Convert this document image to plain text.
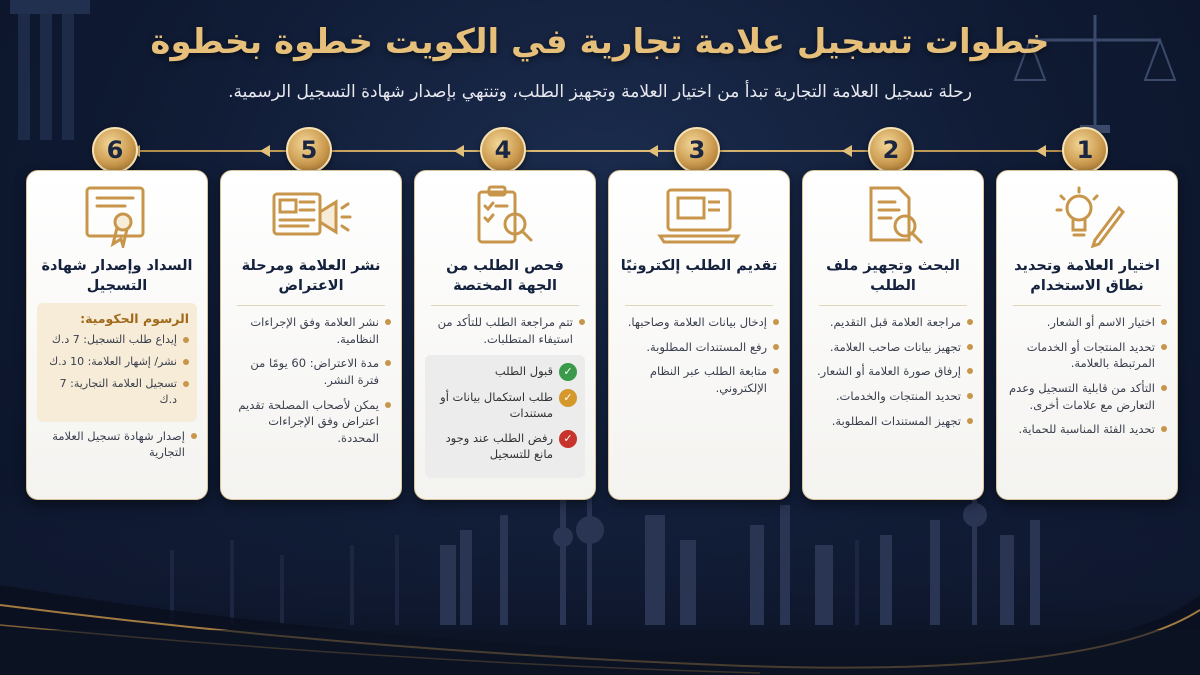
خطوات تسجيل علامة تجارية في الكويت خطوة بخطوة
رحلة تسجيل العلامة التجارية تبدأ من اختيار العلامة وتجهيز الطلب، وتنتهي بإصدار شهادة التسجيل الرسمية.
1
2
3
4
5
6
اختيار العلامة وتحديد نطاق الاستخدام
اختيار الاسم أو الشعار.
تحديد المنتجات أو الخدمات المرتبطة بالعلامة.
التأكد من قابلية التسجيل وعدم التعارض مع علامات أخرى.
تحديد الفئة المناسبة للحماية.
البحث وتجهيز ملف الطلب
مراجعة العلامة قبل التقديم.
تجهيز بيانات صاحب العلامة.
إرفاق صورة العلامة أو الشعار.
تحديد المنتجات والخدمات.
تجهيز المستندات المطلوبة.
تقديم الطلب إلكترونيًا
إدخال بيانات العلامة وصاحبها.
رفع المستندات المطلوبة.
متابعة الطلب عبر النظام الإلكتروني.
فحص الطلب من الجهة المختصة
تتم مراجعة الطلب للتأكد من استيفاء المتطلبات.
✓
قبول الطلب
✓
طلب استكمال بيانات أو مستندات
✓
رفض الطلب عند وجود مانع للتسجيل
نشر العلامة ومرحلة الاعتراض
نشر العلامة وفق الإجراءات النظامية.
مدة الاعتراض: 60 يومًا من فترة النشر.
يمكن لأصحاب المصلحة تقديم اعتراض وفق الإجراءات المحددة.
السداد وإصدار شهادة التسجيل
الرسوم الحكومية:
إيداع طلب التسجيل: 7 د.ك
نشر/ إشهار العلامة: 10 د.ك
تسجيل العلامة التجارية: 7 د.ك
إصدار شهادة تسجيل العلامة التجارية
